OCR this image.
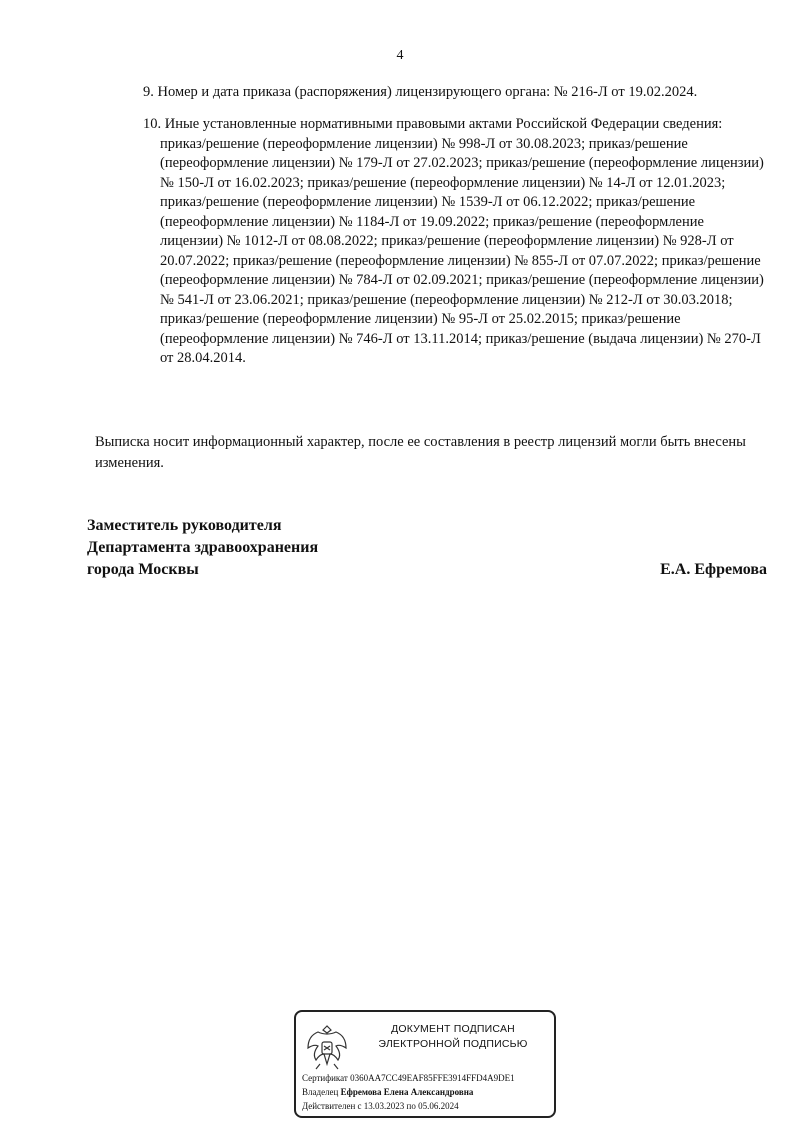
4
9. Номер и дата приказа (распоряжения) лицензирующего органа: № 216-Л от 19.02.2024.
10. Иные установленные нормативными правовыми актами Российской Федерации сведения: приказ/решение (переоформление лицензии) № 998-Л от 30.08.2023; приказ/решение (переоформление лицензии) № 179-Л от 27.02.2023; приказ/решение (переоформление лицензии) № 150-Л от 16.02.2023; приказ/решение (переоформление лицензии) № 14-Л от 12.01.2023; приказ/решение (переоформление лицензии) № 1539-Л от 06.12.2022; приказ/решение (переоформление лицензии) № 1184-Л от 19.09.2022; приказ/решение (переоформление лицензии) № 1012-Л от 08.08.2022; приказ/решение (переоформление лицензии) № 928-Л от 20.07.2022; приказ/решение (переоформление лицензии) № 855-Л от 07.07.2022; приказ/решение (переоформление лицензии) № 784-Л от 02.09.2021; приказ/решение (переоформление лицензии) № 541-Л от 23.06.2021; приказ/решение (переоформление лицензии) № 212-Л от 30.03.2018; приказ/решение (переоформление лицензии) № 95-Л от 25.02.2015; приказ/решение (переоформление лицензии) № 746-Л от 13.11.2014; приказ/решение (выдача лицензии) № 270-Л от 28.04.2014.
Выписка носит информационный характер, после ее составления в реестр лицензий могли быть внесены изменения.
Заместитель руководителя
Департамента здравоохранения
города Москвы	Е.А. Ефремова
ДОКУМЕНТ ПОДПИСАН
ЭЛЕКТРОННОЙ ПОДПИСЬЮ
Сертификат 0360AA7CC49EAF85FFE3914FFD4A9DE1
Владелец Ефремова Елена Александровна
Действителен с 13.03.2023 по 05.06.2024
